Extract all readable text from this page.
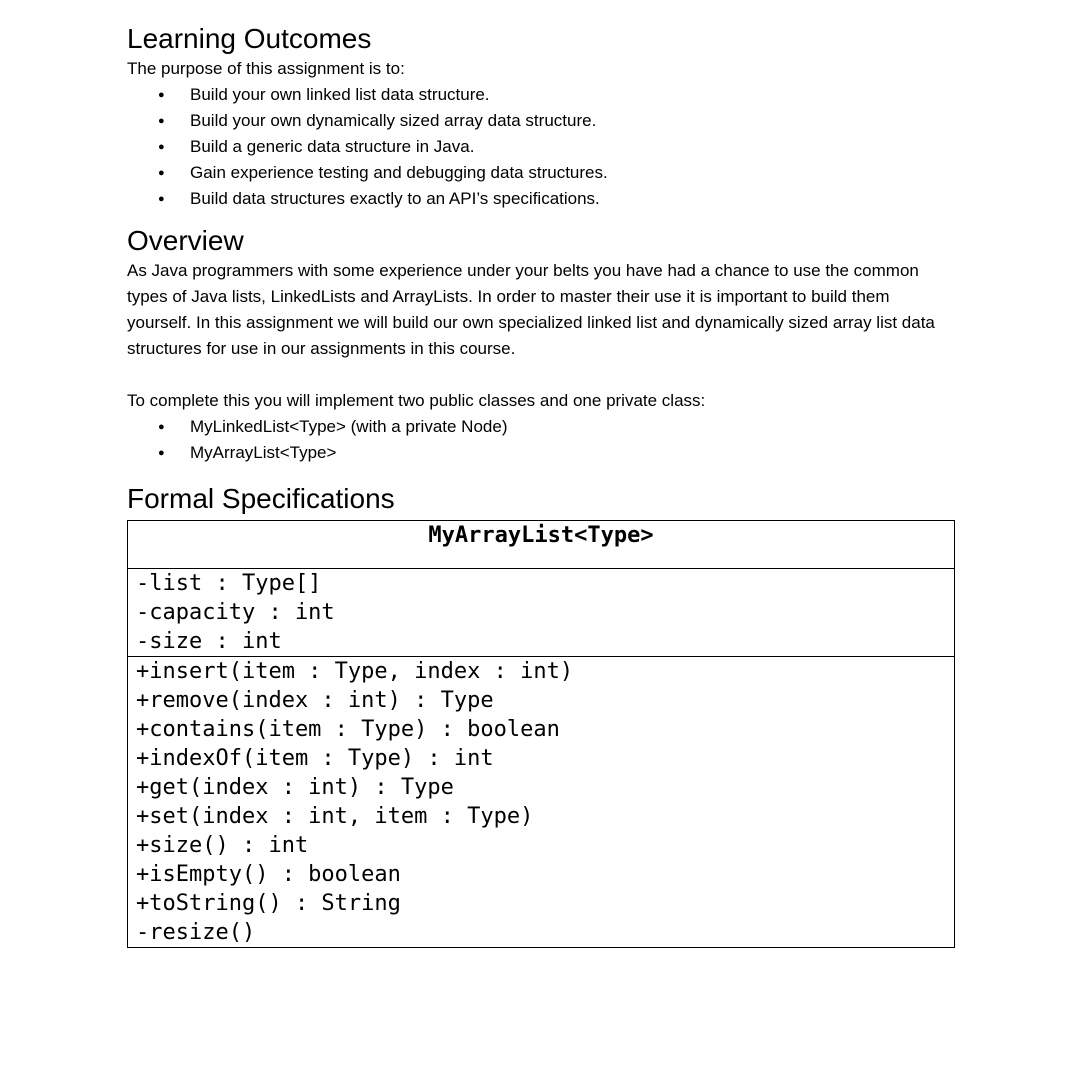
Learning Outcomes

The purpose of this assignment is to:

● Build your own linked list data structure.
● Build your own dynamically sized array data structure.
● Build a generic data structure in Java.
● Gain experience testing and debugging data structures.
● Build data structures exactly to an API’s specifications.
Overview

As Java programmers with some experience under your belts you have had a chance to use the common types of Java lists, LinkedLists and ArrayLists. In order to master their use it is important to build them yourself. In this assignment we will build our own specialized linked list and dynamically sized array list data structures for use in our assignments in this course.

To complete this you will implement two public classes and one private class:

● MyLinkedList<Type> (with a private Node)
● MyArrayList<Type>
Formal Specifications
MyArrayList<Type>

-list : Type[]
-capacity : int
-size : int

+insert(item : Type, index : int)
+remove(index : int) : Type
+contains(item : Type) : boolean
+indexOf(item : Type) : int
+get(index : int) : Type
+set(index : int, item : Type)
+size() : int
+isEmpty() : boolean
+toString() : String
-resize()
